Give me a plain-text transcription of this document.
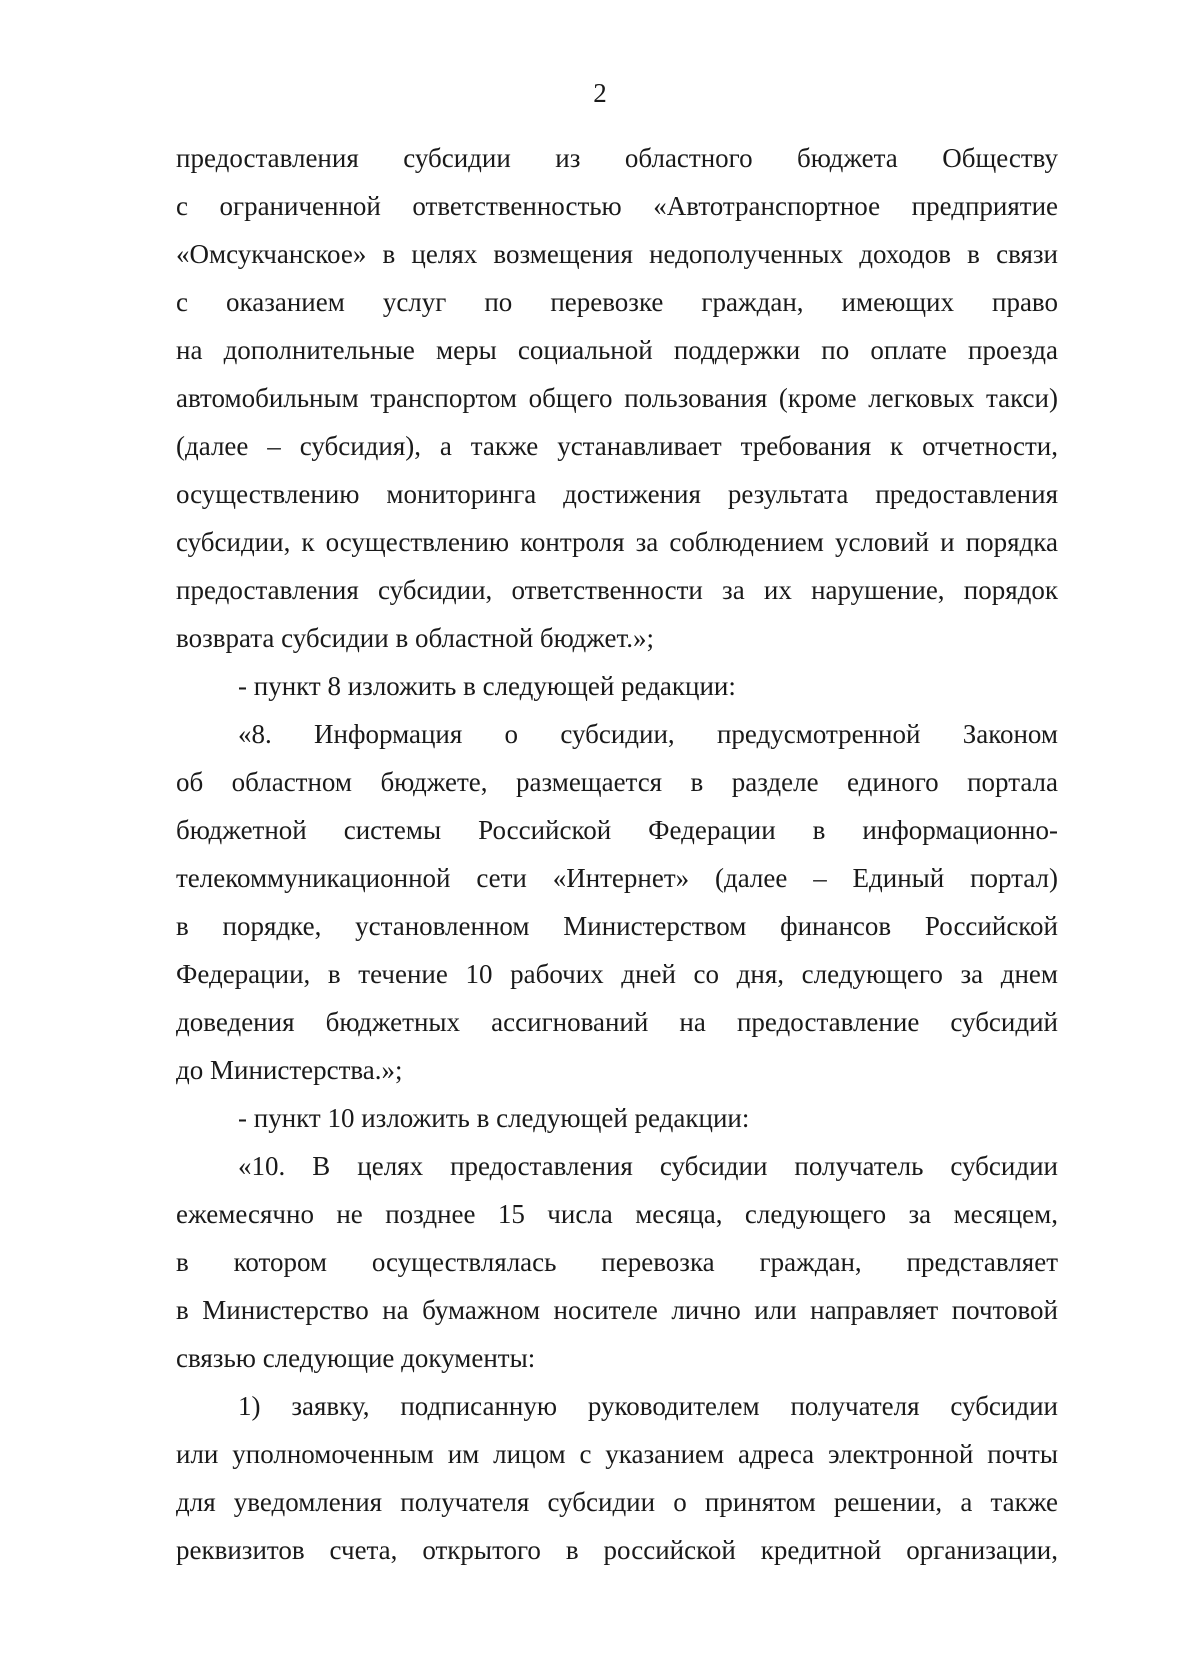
2
предоставления субсидии из областного бюджета Обществу
с ограниченной ответственностью «Автотранспортное предприятие
«Омсукчанское» в целях возмещения недополученных доходов в связи
с оказанием услуг по перевозке граждан, имеющих право
на дополнительные меры социальной поддержки по оплате проезда
автомобильным транспортом общего пользования (кроме легковых такси)
(далее – субсидия), а также устанавливает требования к отчетности,
осуществлению мониторинга достижения результата предоставления
субсидии, к осуществлению контроля за соблюдением условий и порядка
предоставления субсидии, ответственности за их нарушение, порядок
возврата субсидии в областной бюджет.»;
- пункт 8 изложить в следующей редакции:
«8. Информация о субсидии, предусмотренной Законом
об областном бюджете, размещается в разделе единого портала
бюджетной системы Российской Федерации в информационно-
телекоммуникационной сети «Интернет» (далее – Единый портал)
в порядке, установленном Министерством финансов Российской
Федерации, в течение 10 рабочих дней со дня, следующего за днем
доведения бюджетных ассигнований на предоставление субсидий
до Министерства.»;
- пункт 10 изложить в следующей редакции:
«10. В целях предоставления субсидии получатель субсидии
ежемесячно не позднее 15 числа месяца, следующего за месяцем,
в котором осуществлялась перевозка граждан, представляет
в Министерство на бумажном носителе лично или направляет почтовой
связью следующие документы:
1) заявку, подписанную руководителем получателя субсидии
или уполномоченным им лицом с указанием адреса электронной почты
для уведомления получателя субсидии о принятом решении, а также
реквизитов счета, открытого в российской кредитной организации,
